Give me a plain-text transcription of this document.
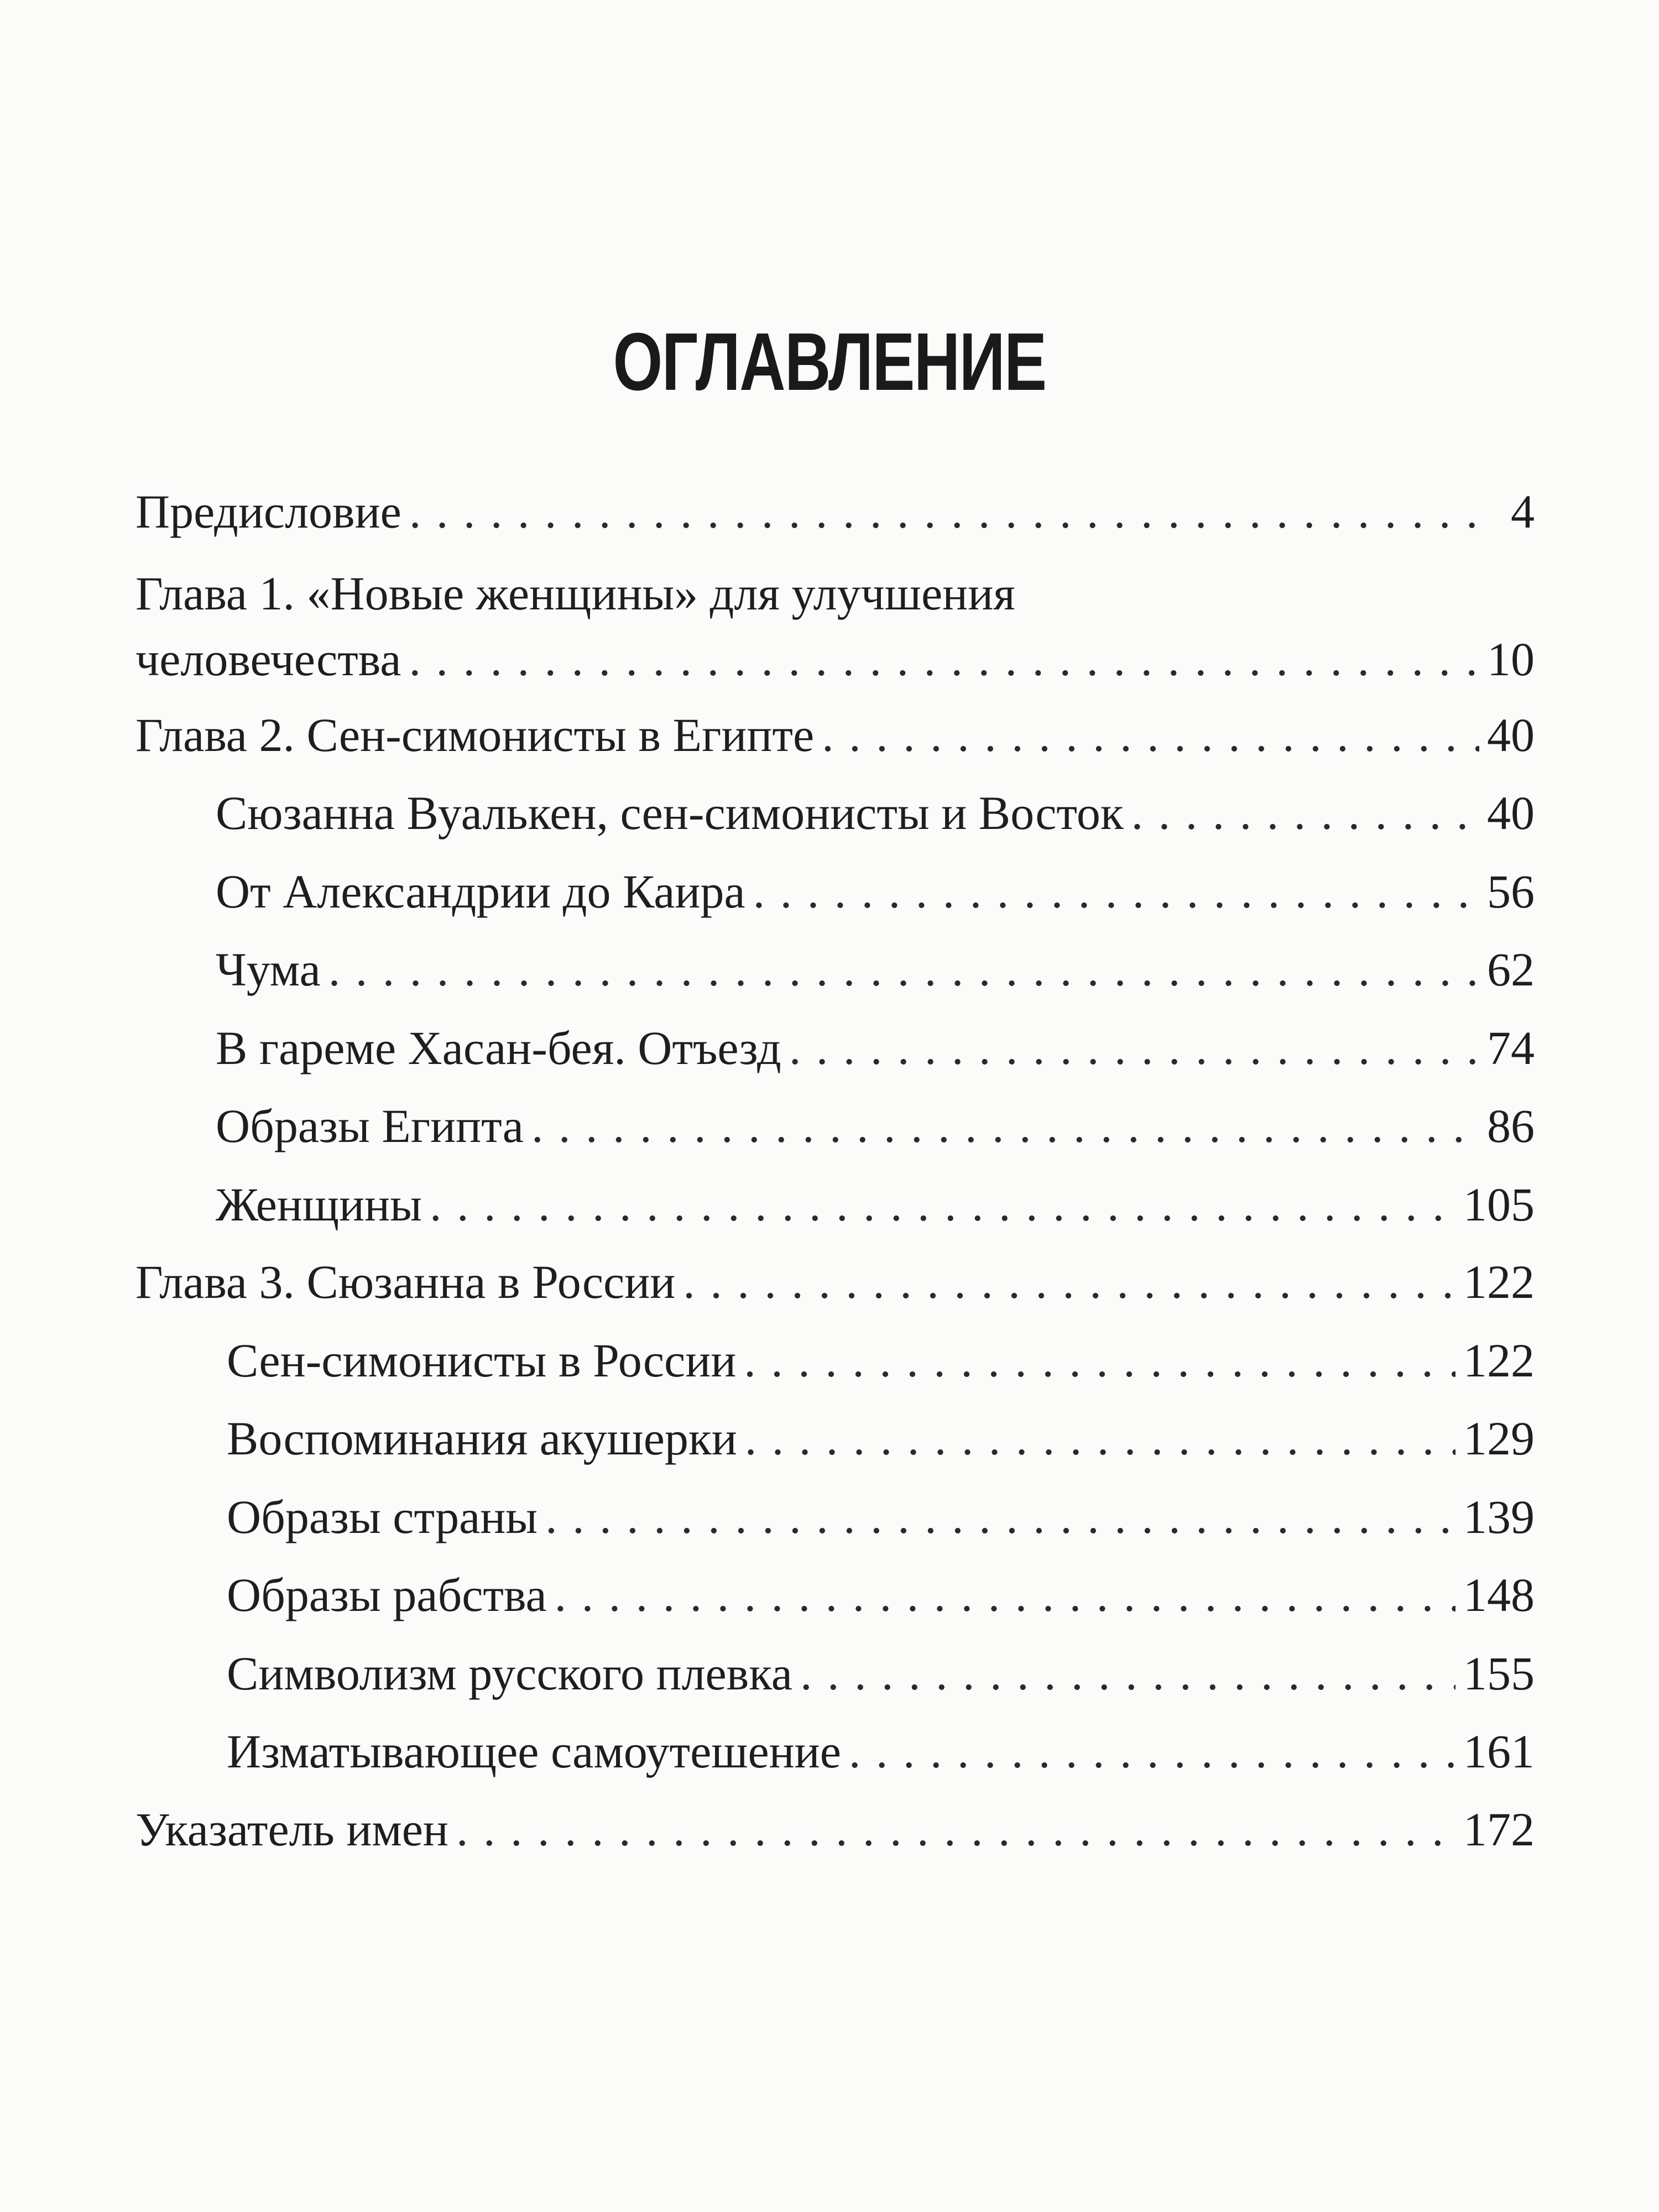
ОГЛАВЛЕНИЕ
Предисловие . . .	4
Глава 1. «Новые женщины» для улучшения
человечества . . .	10
Глава 2. Сен-симонисты в Египте . . .	40
Сюзанна Вуалькен, сен-симонисты и Восток . . .	40
От Александрии до Каира . . .	56
Чума . . .	62
В гареме Хасан-бея. Отъезд . . .	74
Образы Египта . . .	86
Женщины . . .	105
Глава 3. Сюзанна в России . . .	122
Сен-симонисты в России . . .	122
Воспоминания акушерки . . .	129
Образы страны . . .	139
Образы рабства . . .	148
Символизм русского плевка . . .	155
Изматывающее самоутешение . . .	161
Указатель имен . . .	172
